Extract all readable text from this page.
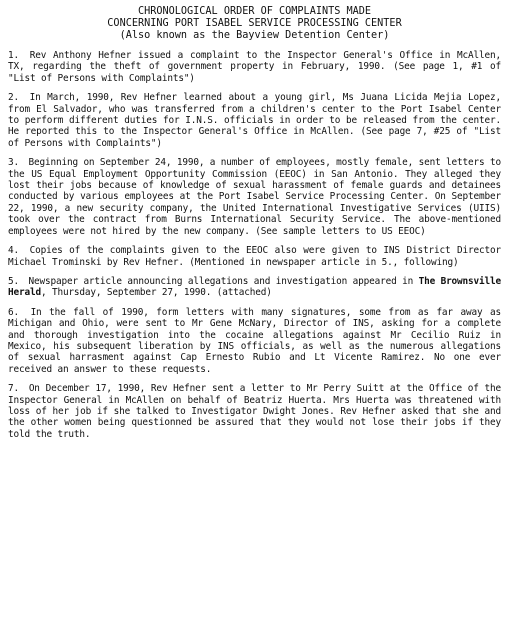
CHRONOLOGICAL ORDER OF COMPLAINTS MADE
CONCERNING PORT ISABEL SERVICE PROCESSING CENTER
(Also known as the Bayview Detention Center)

1. Rev Anthony Hefner issued a complaint to the Inspector General's Office in McAllen, TX, regarding the theft of government property in February, 1990. (See page 1, #1 of "List of Persons with Complaints")

2. In March, 1990, Rev Hefner learned about a young girl, Ms Juana Licida Mejia Lopez, from El Salvador, who was transferred from a children's center to the Port Isabel Center to perform different duties for I.N.S. officials in order to be released from the center. He reported this to the Inspector General's Office in McAllen. (See page 7, #25 of "List of Persons with Complaints")

3. Beginning on September 24, 1990, a number of employees, mostly female, sent letters to the US Equal Employment Opportunity Commission (EEOC) in San Antonio. They alleged they lost their jobs because of knowledge of sexual harassment of female guards and detainees conducted by various employees at the Port Isabel Service Processing Center. On September 22, 1990, a new security company, the United International Investigative Services (UIIS) took over the contract from Burns International Security Service. The above-mentioned employees were not hired by the new company. (See sample letters to US EEOC)

4. Copies of the complaints given to the EEOC also were given to INS District Director Michael Trominski by Rev Hefner. (Mentioned in newspaper article in 5., following)

5. Newspaper article announcing allegations and investigation appeared in The Brownsville Herald, Thursday, September 27, 1990. (attached)

6. In the fall of 1990, form letters with many signatures, some from as far away as Michigan and Ohio, were sent to Mr Gene McNary, Director of INS, asking for a complete and thorough investigation into the cocaine allegations against Mr Cecilio Ruiz in Mexico, his subsequent liberation by INS officials, as well as the numerous allegations of sexual harrasment against Cap Ernesto Rubio and Lt Vicente Ramirez. No one ever received an answer to these requests.

7. On December 17, 1990, Rev Hefner sent a letter to Mr Perry Suitt at the Office of the Inspector General in McAllen on behalf of Beatriz Huerta. Mrs Huerta was threatened with loss of her job if she talked to Investigator Dwight Jones. Rev Hefner asked that she and the other women being questionned be assured that they would not lose their jobs if they told the truth.
